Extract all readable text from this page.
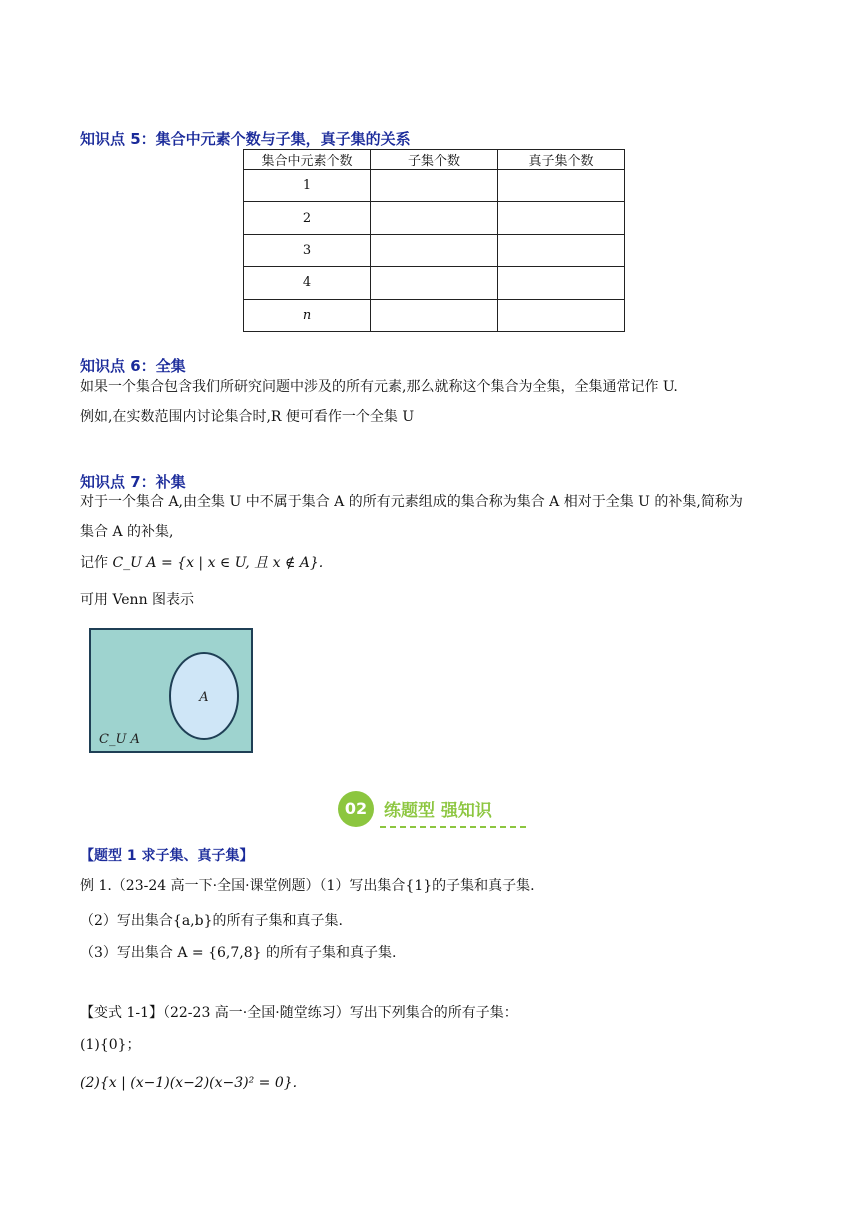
知识点 5：集合中元素个数与子集，真子集的关系
集合中元素个数	子集个数	真子集个数
1		
2		
3		
4		
n		
知识点 6：全集
如果一个集合包含我们所研究问题中涉及的所有元素,那么就称这个集合为全集，全集通常记作 U.
例如,在实数范围内讨论集合时,R 便可看作一个全集 U
知识点 7：补集
对于一个集合 A,由全集 U 中不属于集合 A 的所有元素组成的集合称为集合 A 相对于全集 U 的补集,简称为
集合 A 的补集,
记作 C_U A = {x | x ∈ U, 且 x ∉ A}.
可用 Venn 图表示
A
C_U A
02 练题型 强知识
【题型 1 求子集、真子集】
例 1.（23-24 高一下·全国·课堂例题）（1）写出集合{1}的子集和真子集.
（2）写出集合{a,b}的所有子集和真子集.
（3）写出集合 A = {6,7,8} 的所有子集和真子集.
【变式 1-1】（22-23 高一·全国·随堂练习）写出下列集合的所有子集：
(1){0}；
(2){x | (x−1)(x−2)(x−3)² = 0}.
